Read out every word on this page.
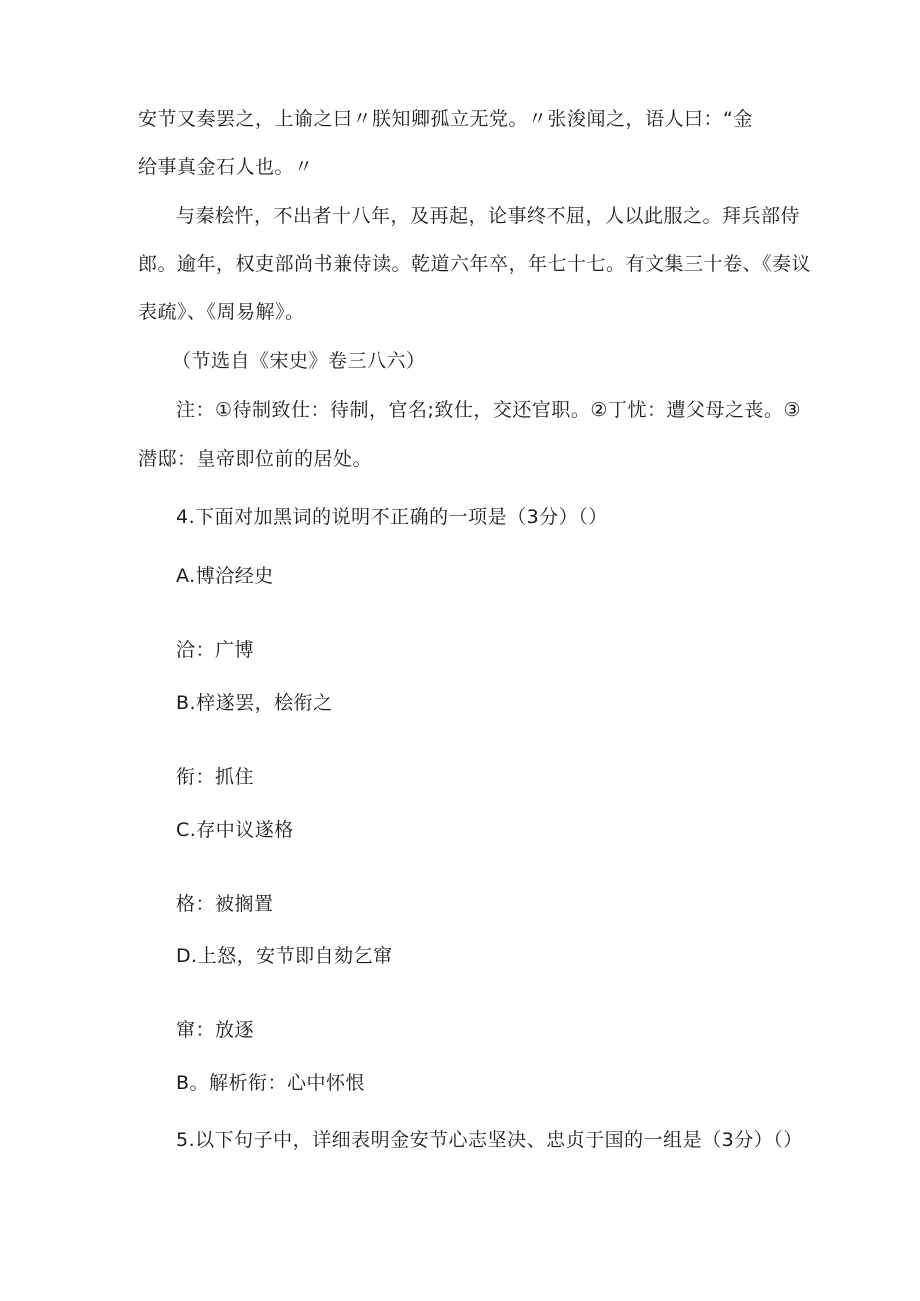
安节又奏罢之，上谕之曰〃朕知卿孤立无党。〃张浚闻之，语人曰：“金
给事真金石人也。〃
与秦桧忤，不出者十八年，及再起，论事终不屈，人以此服之。拜兵部侍
郎。逾年，权吏部尚书兼侍读。乾道六年卒，年七十七。有文集三十卷、《奏议
表疏》、《周易解》。
（节选自《宋史》卷三八六）
注：①待制致仕：待制，官名;致仕，交还官职。②丁忧：遭父母之丧。③
潜邸：皇帝即位前的居处。
4.下面对加黑词的说明不正确的一项是（3分）（）
A.博洽经史
洽：广博
B.梓遂罢，桧衔之
衔：抓住
C.存中议遂格
格：被搁置
D.上怒，安节即自劾乞窜
窜：放逐
B。解析衔：心中怀恨
5.以下句子中，详细表明金安节心志坚决、忠贞于国的一组是（3分）（）
